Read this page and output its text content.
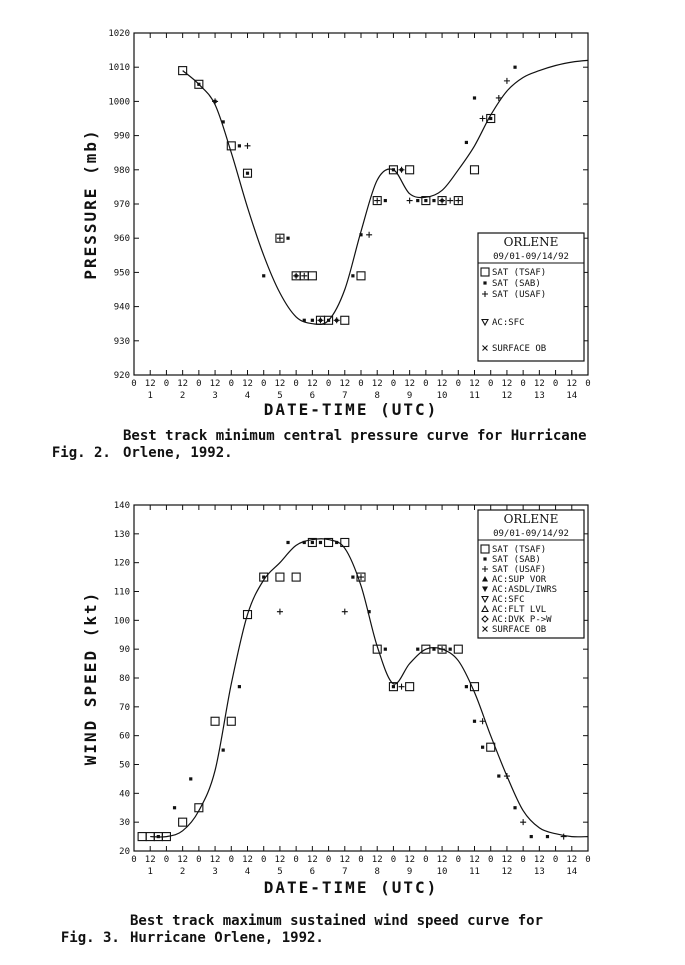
920
930
940
950
960
970
980
990
1000
1010
1020
0 12 0 12 0 12 0 12 0 12 0 12 0 12 0 12 0 12 0 12 0 12 0 12 0 12 0 12 0
1	2	3	4	5	6	7	8	9	10 11 12 13 14
PRESSURE (mb)
DATE-TIME (UTC)
ORLENE
09/01-09/14/92
SAT (TSAF)
SAT (SAB)
SAT (USAF)
AC:SFC
SURFACE OB
20
30
40
50
60
70
80
90
100
110
120
130
140
0 12 0 12 0 12 0 12 0 12 0 12 0 12 0 12 0 12 0 12 0 12 0 12 0 12 0 12 0
1	2	3	4	5	6	7	8	9	10 11 12 13 14
WIND SPEED (kt)
DATE-TIME (UTC)
ORLENE
09/01-09/14/92
SAT (TSAF)
SAT (SAB)
SAT (USAF)
AC:SUP VOR
AC:ASDL/IWRS
AC:SFC
AC:FLT LVL
AC:DVK P->W
SURFACE OB

Fig. 2.

Best track minimum central pressure curve for Hurricane
Orlene, 1992.

Fig. 3.

Best track maximum sustained wind speed curve for
Hurricane Orlene, 1992.
